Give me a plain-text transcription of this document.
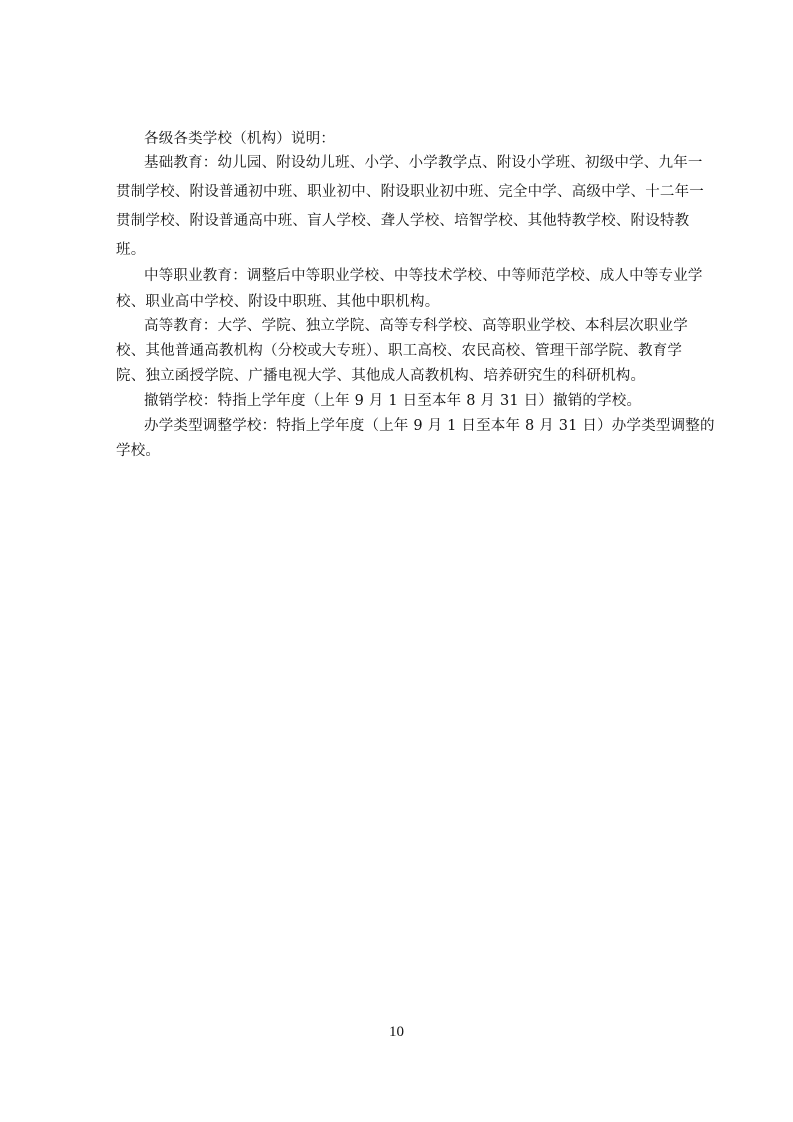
各级各类学校（机构）说明：
基础教育：幼儿园、附设幼儿班、小学、小学教学点、附设小学班、初级中学、九年一
贯制学校、附设普通初中班、职业初中、附设职业初中班、完全中学、高级中学、十二年一
贯制学校、附设普通高中班、盲人学校、聋人学校、培智学校、其他特教学校、附设特教
班。
中等职业教育：调整后中等职业学校、中等技术学校、中等师范学校、成人中等专业学
校、职业高中学校、附设中职班、其他中职机构。
高等教育：大学、学院、独立学院、高等专科学校、高等职业学校、本科层次职业学
校、其他普通高教机构（分校或大专班）、职工高校、农民高校、管理干部学院、教育学
院、独立函授学院、广播电视大学、其他成人高教机构、培养研究生的科研机构。
撤销学校：特指上学年度（上年 9 月 1 日至本年 8 月 31 日）撤销的学校。
办学类型调整学校：特指上学年度（上年 9 月 1 日至本年 8 月 31 日）办学类型调整的
学校。
10
